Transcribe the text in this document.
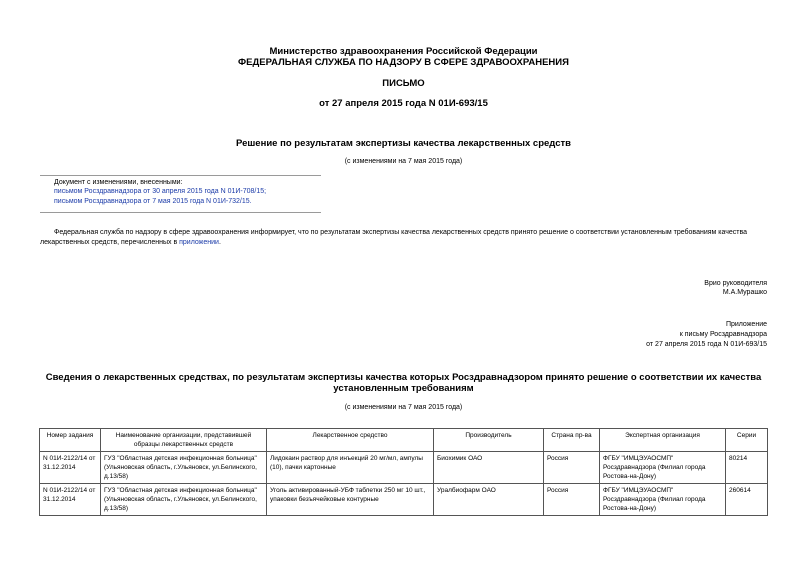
Министерство здравоохранения Российской Федерации
ФЕДЕРАЛЬНАЯ СЛУЖБА ПО НАДЗОРУ В СФЕРЕ ЗДРАВООХРАНЕНИЯ
ПИСЬМО
от 27 апреля 2015 года N 01И-693/15
Решение по результатам экспертизы качества лекарственных средств
(с изменениями на 7 мая 2015 года)
Документ с изменениями, внесенными:
письмом Росздравнадзора от 30 апреля 2015 года N 01И-708/15;
письмом Росздравнадзора от 7 мая 2015 года N 01И-732/15.
Федеральная служба по надзору в сфере здравоохранения информирует, что по результатам экспертизы качества лекарственных средств принято решение о соответствии установленным требованиям качества лекарственных средств, перечисленных в приложении.
Врио руководителя
М.А.Мурашко
Приложение
к письму Росздравнадзора
от 27 апреля 2015 года N 01И-693/15
Сведения о лекарственных средствах, по результатам экспертизы качества которых Росздравнадзором принято решение о соответствии их качества
установленным требованиям
(с изменениями на 7 мая 2015 года)
Номер задания	Наименование организации, представившей образцы лекарственных средств	Лекарственное средство	Производитель	Страна пр-ва	Экспертная организация	Серии
N 01И-2122/14 от 31.12.2014	ГУЗ "Областная детская инфекционная больница" (Ульяновская область, г.Ульяновск, ул.Белинского, д.13/58)	Лидокаин раствор для инъекций 20 мг/мл, ампулы (10), пачки картонные	Биохимик ОАО	Россия	ФГБУ "ИМЦЭУАОСМП" Росздравнадзора (Филиал города Ростова-на-Дону)	80214
N 01И-2122/14 от 31.12.2014	ГУЗ "Областная детская инфекционная больница" (Ульяновская область, г.Ульяновск, ул.Белинского, д.13/58)	Уголь активированный-УБФ таблетки 250 мг 10 шт., упаковки безъячейковые контурные	Уралбиофарм ОАО	Россия	ФГБУ "ИМЦЭУАОСМП" Росздравнадзора (Филиал города Ростова-на-Дону)	260614
